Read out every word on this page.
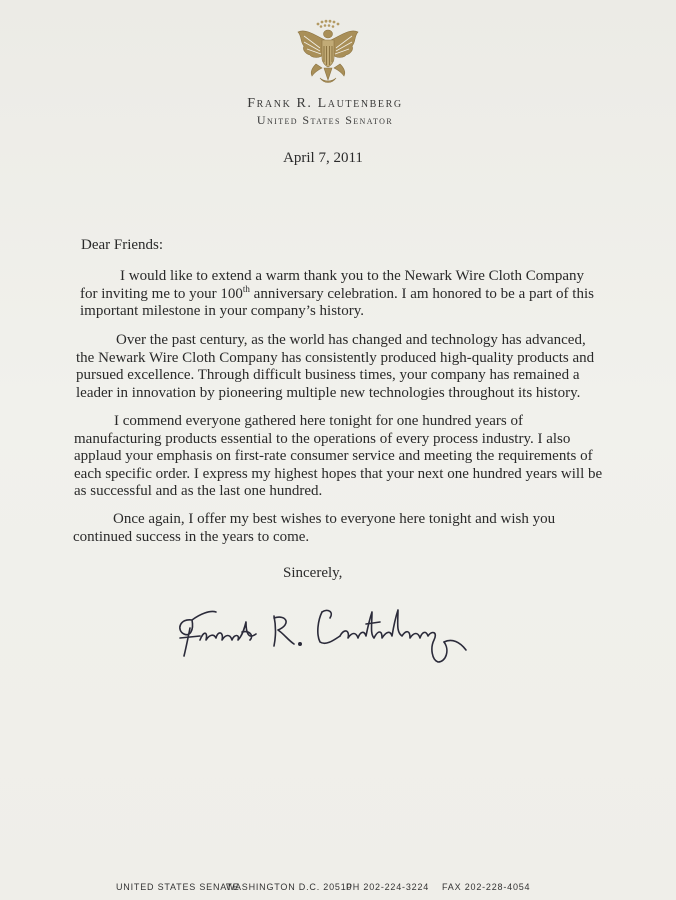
Frank R. Lautenberg
United States Senator
April 7, 2011
Dear Friends:

I would like to extend a warm thank you to the Newark Wire Cloth Company for inviting me to your 100th anniversary celebration. I am honored to be a part of this important milestone in your company’s history.

Over the past century, as the world has changed and technology has advanced, the Newark Wire Cloth Company has consistently produced high-quality products and pursued excellence. Through difficult business times, your company has remained a leader in innovation by pioneering multiple new technologies throughout its history.

I commend everyone gathered here tonight for one hundred years of manufacturing products essential to the operations of every process industry. I also applaud your emphasis on first-rate consumer service and meeting the requirements of each specific order. I express my highest hopes that your next one hundred years will be as successful and as the last one hundred.

Once again, I offer my best wishes to everyone here tonight and wish you continued success in the years to come.

Sincerely,
UNITED STATES SENATE
WASHINGTON D.C. 20510
PH 202-224-3224 FAX 202-228-4054
